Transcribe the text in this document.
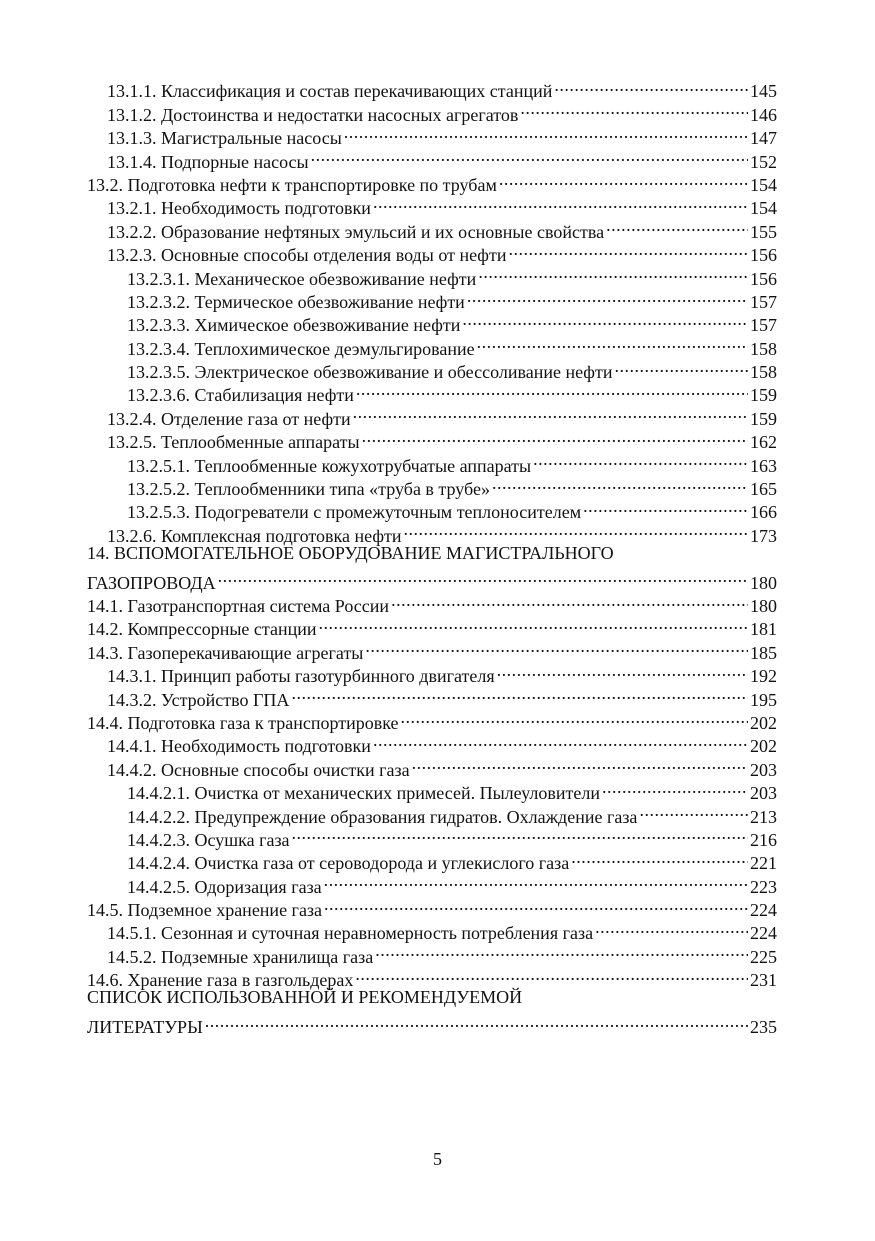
13.1.1. Классификация и состав перекачивающих станций .....	145
13.1.2. Достоинства и недостатки насосных агрегатов .....	146
13.1.3. Магистральные насосы .....	147
13.1.4. Подпорные насосы .....	152
13.2. Подготовка нефти к транспортировке по трубам .....	154
13.2.1. Необходимость подготовки .....	154
13.2.2. Образование нефтяных эмульсий и их основные свойства .....	155
13.2.3. Основные способы отделения воды от нефти .....	156
13.2.3.1. Механическое обезвоживание нефти .....	156
13.2.3.2. Термическое обезвоживание нефти .....	157
13.2.3.3. Химическое обезвоживание нефти .....	157
13.2.3.4. Теплохимическое деэмульгирование .....	158
13.2.3.5. Электрическое обезвоживание и обессоливание нефти .....	158
13.2.3.6. Стабилизация нефти .....	159
13.2.4. Отделение газа от нефти .....	159
13.2.5. Теплообменные аппараты .....	162
13.2.5.1. Теплообменные кожухотрубчатые аппараты .....	163
13.2.5.2. Теплообменники типа «труба в трубе» .....	165
13.2.5.3. Подогреватели с промежуточным теплоносителем .....	166
13.2.6. Комплексная подготовка нефти .....	173
14. ВСПОМОГАТЕЛЬНОЕ ОБОРУДОВАНИЕ МАГИСТРАЛЬНОГО
ГАЗОПРОВОДА .....	180
14.1. Газотранспортная система России .....	180
14.2. Компрессорные станции .....	181
14.3. Газоперекачивающие агрегаты .....	185
14.3.1. Принцип работы газотурбинного двигателя .....	192
14.3.2. Устройство ГПА .....	195
14.4. Подготовка газа к транспортировке .....	202
14.4.1. Необходимость подготовки .....	202
14.4.2. Основные способы очистки газа .....	203
14.4.2.1. Очистка от механических примесей. Пылеуловители .....	203
14.4.2.2. Предупреждение образования гидратов. Охлаждение газа .....	213
14.4.2.3. Осушка газа .....	216
14.4.2.4. Очистка газа от сероводорода и углекислого газа .....	221
14.4.2.5. Одоризация газа .....	223
14.5. Подземное хранение газа .....	224
14.5.1. Сезонная и суточная неравномерность потребления газа .....	224
14.5.2. Подземные хранилища газа .....	225
14.6. Хранение газа в газгольдерах .....	231
СПИСОК ИСПОЛЬЗОВАННОЙ И РЕКОМЕНДУЕМОЙ
ЛИТЕРАТУРЫ .....	235
5
